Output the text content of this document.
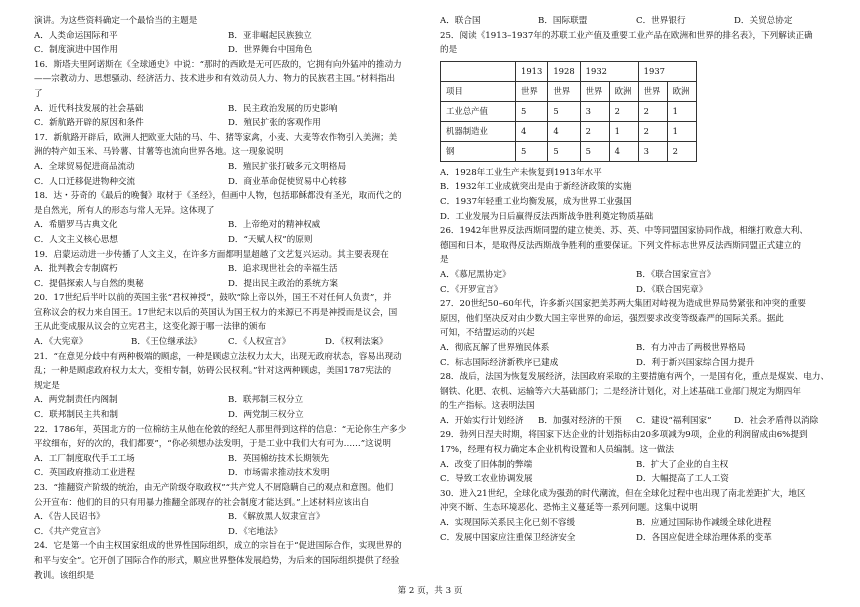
演讲。为这些资料确定一个最恰当的主题是
A．人类命运国际和平	B．亚非崛起民族独立
C．制度演进中国作用	D．世界舞台中国角色
16．斯塔夫里阿诺斯在《全球通史》中说：“那时的西欧是无可匹敌的，它拥有向外猛冲的推动力
——宗教动力、思想骚动、经济活力、技术进步和有效动员人力、物力的民族君主国。”材料指出
了
A．近代科技发展的社会基础	B．民主政治发展的历史影响
C．新航路开辟的原因和条件	D．殖民扩张的客观作用
17．新航路开辟后，欧洲人把欧亚大陆的马、牛、猪等家禽，小麦、大麦等农作物引入美洲；美
洲的特产如玉米、马铃薯、甘薯等也流向世界各地。这一现象说明
A．全球贸易促进商品流动	B．殖民扩张打破多元文明格局
C．人口迁移促进物种交流	D．商业革命促使贸易中心转移
18．达・芬奇的《最后的晚餐》取材于《圣经》，但画中人物，包括耶稣都没有圣光，取而代之的
是自然光，所有人的形态与常人无异。这体现了
A．希腊罗马古典文化	B．上帝绝对的精神权威
C．人文主义核心思想	D．“天赋人权”的原则
19．启蒙运动进一步传播了人文主义，在许多方面都明显超越了文艺复兴运动。其主要表现在
A．批判教会专制腐朽	B．追求现世社会的幸福生活
C．提倡探索人与自然的奥秘	D．提出民主政治的系统方案
20．17世纪后半叶以前的英国主张“君权神授”，鼓吹“除上帝以外，国王不对任何人负责”，并
宣称议会的权力来自国王。17世纪末以后的英国认为国王权力的来源已不再是神授而是议会，国
王从此变成服从议会的立宪君主，这变化源于哪一法律的颁布
A．《大宪章》	B．《王位继承法》	C．《人权宣言》	D．《权利法案》
21．“在意见分歧中有两种极端的顾虑，一种是顾虑立法权力太大，出现无政府状态，容易出现动
乱；一种是顾虑政府权力太大，变相专制，妨碍公民权利。”针对这两种顾虑，美国1787宪法的
规定是
A．两党制责任内阁制	B．联邦制三权分立
C．联邦制民主共和制	D．两党制三权分立
22．1786年，英国北方的一位棉纺主从他在伦敦的经纪人那里得到这样的信息：“无论你生产多少
平纹细布，好的次的，我们都要”，“你必须想办法发明，于是工业中我们大有可为……”这说明
A．工厂制度取代手工工场	B．英国棉纺技术长期领先
C．英国政府推动工业进程	D．市场需求推动技术发明
23．“推翻资产阶级的统治，由无产阶级夺取政权”“共产党人不屑隐瞒自己的观点和意图。他们
公开宣布：他们的目的只有用暴力推翻全部现存的社会制度才能达到。”上述材料应该出自
A．《告人民诏书》	B．《解放黑人奴隶宣言》
C．《共产党宣言》	D．《宅地法》
24．它是第一个由主权国家组成的世界性国际组织，成立的宗旨在于“促进国际合作，实现世界的
和平与安全”。它开创了国际合作的形式，顺应世界整体发展趋势，为后来的国际组织提供了经验
教训。该组织是
A．联合国	B．国际联盟	C．世界银行	D．关贸总协定
25．阅读《1913–1937年的苏联工业产值及重要工业产品在欧洲和世界的排名表》，下列解读正确
的是
	1913	1928	1932		1937	
项目	世界	世界	世界	欧洲	世界	欧洲
工业总产值	5	5	3	2	2	1
机器制造业	4	4	2	1	2	1
钢	5	5	5	4	3	2
A．1928年工业生产未恢复到1913年水平
B．1932年工业成就突出是由于新经济政策的实施
C．1937年轻重工业均衡发展，成为世界工业强国
D．工业发展为日后赢得反法西斯战争胜利奠定物质基础
26．1942年世界反法西斯同盟的建立使美、苏、英、中等同盟国家协同作战，相继打败意大利、
德国和日本，是取得反法西斯战争胜利的重要保证。下列文件标志世界反法西斯同盟正式建立的
是
A．《慕尼黑协定》	B．《联合国家宣言》
C．《开罗宣言》	D．《联合国宪章》
27．20世纪50–60年代，许多新兴国家把美苏两大集团对峙视为造成世界局势紧张和冲突的重要
原因，他们坚决反对由少数大国主宰世界的命运，强烈要求改变等级森严的国际关系。据此
可知，不结盟运动的兴起
A．彻底瓦解了世界殖民体系	B．有力冲击了两极世界格局
C．标志国际经济新秩序已建成	D．利于新兴国家综合国力提升
28．战后，法国为恢复发展经济，法国政府采取的主要措施有两个，一是国有化，重点是煤炭、电力、
钢铁、化肥、农机、运输等六大基础部门；二是经济计划化，对上述基础工业部门规定为期四年
的生产指标。这表明法国
A．开始实行计划经济	B．加强对经济的干预	C．建设“福利国家”	D．社会矛盾得以消除
29．勃列日涅夫时期，将国家下达企业的计划指标由20多项减为9项，企业的利润留成由6%提到
17%，经理有权力确定本企业机构设置和人员编制。这一做法
A．改变了旧体制的弊端	B．扩大了企业的自主权
C．导致工农业协调发展	D．大幅提高了工人工资
30．进入21世纪，全球化成为强劲的时代潮流，但在全球化过程中也出现了南北差距扩大，地区
冲突不断、生态环境恶化、恐怖主义蔓延等一系列问题。这集中说明
A．实现国际关系民主化已刻不容缓	B．应通过国际协作减缓全球化进程
C．发展中国家应注重保卫经济安全	D．各国应促进全球治理体系的变革
第 2 页，共 3 页
